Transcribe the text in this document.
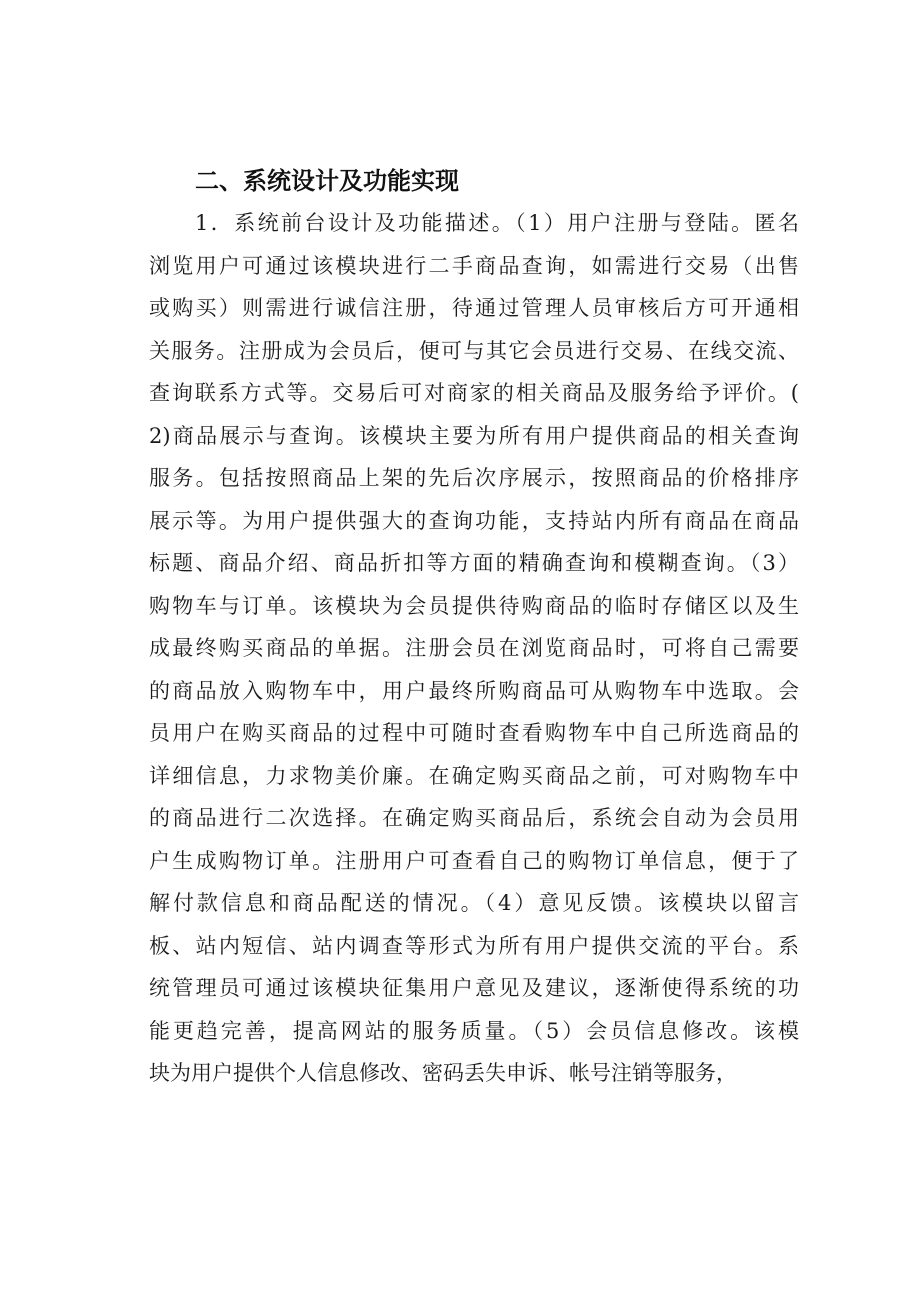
二、系统设计及功能实现
1．系统前台设计及功能描述。（1）用户注册与登陆。匿名
浏览用户可通过该模块进行二手商品查询，如需进行交易（出售
或购买）则需进行诚信注册，待通过管理人员审核后方可开通相
关服务。注册成为会员后，便可与其它会员进行交易、在线交流、
查询联系方式等。交易后可对商家的相关商品及服务给予评价。(
2)商品展示与查询。该模块主要为所有用户提供商品的相关查询
服务。包括按照商品上架的先后次序展示，按照商品的价格排序
展示等。为用户提供强大的查询功能，支持站内所有商品在商品
标题、商品介绍、商品折扣等方面的精确查询和模糊查询。（3）
购物车与订单。该模块为会员提供待购商品的临时存储区以及生
成最终购买商品的单据。注册会员在浏览商品时，可将自己需要
的商品放入购物车中，用户最终所购商品可从购物车中选取。会
员用户在购买商品的过程中可随时查看购物车中自己所选商品的
详细信息，力求物美价廉。在确定购买商品之前，可对购物车中
的商品进行二次选择。在确定购买商品后，系统会自动为会员用
户生成购物订单。注册用户可查看自己的购物订单信息，便于了
解付款信息和商品配送的情况。（4）意见反馈。该模块以留言
板、站内短信、站内调查等形式为所有用户提供交流的平台。系
统管理员可通过该模块征集用户意见及建议，逐渐使得系统的功
能更趋完善，提高网站的服务质量。（5）会员信息修改。该模
块为用户提供个人信息修改、密码丢失申诉、帐号注销等服务，
